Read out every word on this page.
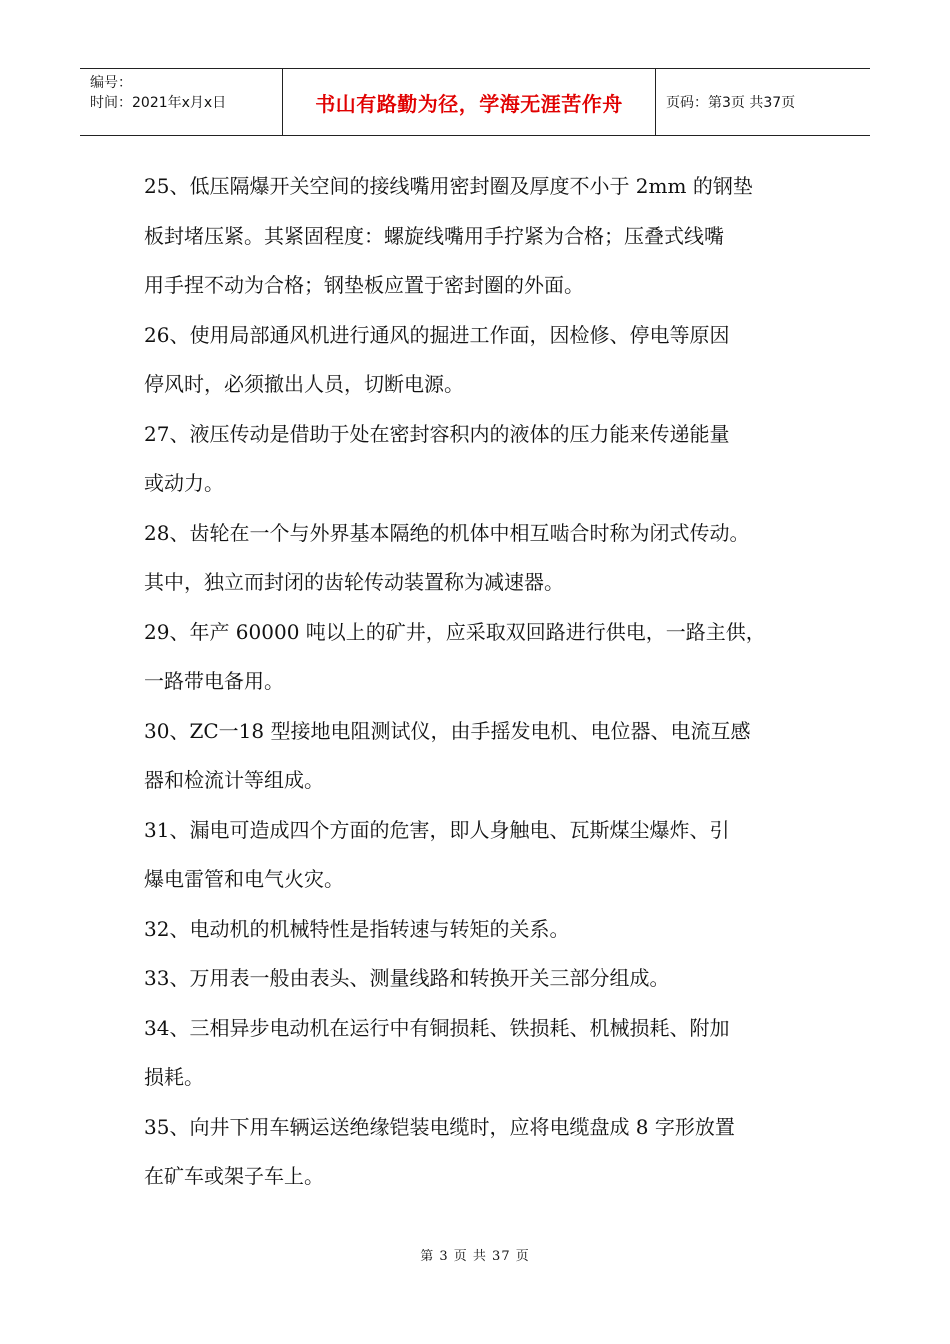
编号：
时间：2021年x月x日	书山有路勤为径，学海无涯苦作舟	页码：第3页 共37页
25、低压隔爆开关空间的接线嘴用密封圈及厚度不小于 2mm 的钢垫
板封堵压紧。其紧固程度：螺旋线嘴用手拧紧为合格；压叠式线嘴
用手捏不动为合格；钢垫板应置于密封圈的外面。
26、使用局部通风机进行通风的掘进工作面，因检修、停电等原因
停风时，必须撤出人员，切断电源。
27、液压传动是借助于处在密封容积内的液体的压力能来传递能量
或动力。
28、齿轮在一个与外界基本隔绝的机体中相互啮合时称为闭式传动。
其中，独立而封闭的齿轮传动装置称为减速器。
29、年产 60000 吨以上的矿井，应采取双回路进行供电，一路主供，
一路带电备用。
30、ZC一18 型接地电阻测试仪，由手摇发电机、电位器、电流互感
器和检流计等组成。
31、漏电可造成四个方面的危害，即人身触电、瓦斯煤尘爆炸、引
爆电雷管和电气火灾。
32、电动机的机械特性是指转速与转矩的关系。
33、万用表一般由表头、测量线路和转换开关三部分组成。
34、三相异步电动机在运行中有铜损耗、铁损耗、机械损耗、附加
损耗。
35、向井下用车辆运送绝缘铠装电缆时，应将电缆盘成 8 字形放置
在矿车或架子车上。
第 3 页 共 37 页
